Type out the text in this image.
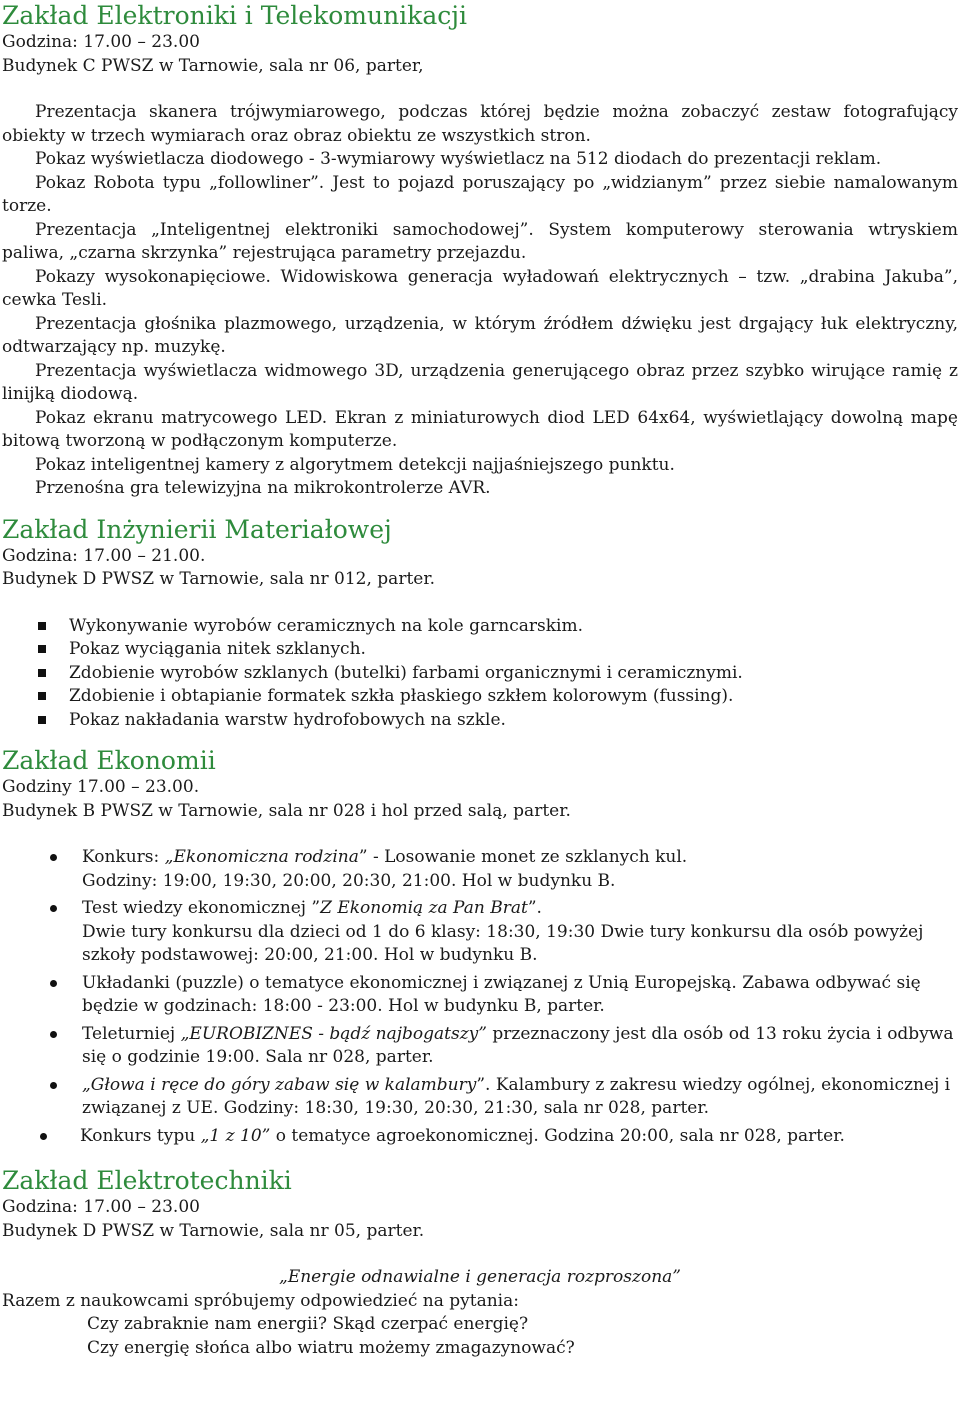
Zakład Elektroniki i Telekomunikacji

Godzina: 17.00 – 23.00

Budynek C PWSZ w Tarnowie, sala nr 06, parter,

Prezentacja skanera trójwymiarowego, podczas której będzie można zobaczyć zestaw fotografujący obiekty w trzech wymiarach oraz obraz obiektu ze wszystkich stron.

Pokaz wyświetlacza diodowego - 3-wymiarowy wyświetlacz na 512 diodach do prezentacji reklam.

Pokaz Robota typu „followliner”. Jest to pojazd poruszający po „widzianym” przez siebie namalowanym torze.

Prezentacja „Inteligentnej elektroniki samochodowej”. System komputerowy sterowania wtryskiem paliwa, „czarna skrzynka” rejestrująca parametry przejazdu.

Pokazy wysokonapięciowe. Widowiskowa generacja wyładowań elektrycznych – tzw. „drabina Jakuba”, cewka Tesli.

Prezentacja głośnika plazmowego, urządzenia, w którym źródłem dźwięku jest drgający łuk elektryczny, odtwarzający np. muzykę.

Prezentacja wyświetlacza widmowego 3D, urządzenia generującego obraz przez szybko wirujące ramię z linijką diodową.

Pokaz ekranu matrycowego LED. Ekran z miniaturowych diod LED 64x64, wyświetlający dowolną mapę bitową tworzoną w podłączonym komputerze.

Pokaz inteligentnej kamery z algorytmem detekcji najjaśniejszego punktu.

Przenośna gra telewizyjna na mikrokontrolerze AVR.

Zakład Inżynierii Materiałowej

Godzina: 17.00 – 21.00.

Budynek D PWSZ w Tarnowie, sala nr 012, parter.

Wykonywanie wyrobów ceramicznych na kole garncarskim.
Pokaz wyciągania nitek szklanych.
Zdobienie wyrobów szklanych (butelki) farbami organicznymi i ceramicznymi.
Zdobienie i obtapianie formatek szkła płaskiego szkłem kolorowym (fussing).
Pokaz nakładania warstw hydrofobowych na szkle.
Zakład Ekonomii

Godziny 17.00 – 23.00.

Budynek B PWSZ w Tarnowie, sala nr 028 i hol przed salą, parter.

Konkurs: „Ekonomiczna rodzina” - Losowanie monet ze szklanych kul.
Godziny: 19:00, 19:30, 20:00, 20:30, 21:00. Hol w budynku B.
Test wiedzy ekonomicznej ”Z Ekonomią za Pan Brat”.
Dwie tury konkursu dla dzieci od 1 do 6 klasy: 18:30, 19:30 Dwie tury konkursu dla osób powyżej szkoły podstawowej: 20:00, 21:00. Hol w budynku B.
Układanki (puzzle) o tematyce ekonomicznej i związanej z Unią Europejską. Zabawa odbywać się będzie w godzinach: 18:00 - 23:00. Hol w budynku B, parter.
Teleturniej „EUROBIZNES - bądź najbogatszy” przeznaczony jest dla osób od 13 roku życia i odbywa się o godzinie 19:00. Sala nr 028, parter.
„Głowa i ręce do góry zabaw się w kalambury”. Kalambury z zakresu wiedzy ogólnej, ekonomicznej i związanej z UE. Godziny: 18:30, 19:30, 20:30, 21:30, sala nr 028, parter.
Konkurs typu „1 z 10” o tematyce agroekonomicznej. Godzina 20:00, sala nr 028, parter.
Zakład Elektrotechniki

Godzina: 17.00 – 23.00

Budynek D PWSZ w Tarnowie, sala nr 05, parter.

„Energie odnawialne i generacja rozproszona”

Razem z naukowcami spróbujemy odpowiedzieć na pytania:

Czy zabraknie nam energii? Skąd czerpać energię?

Czy energię słońca albo wiatru możemy zmagazynować?
